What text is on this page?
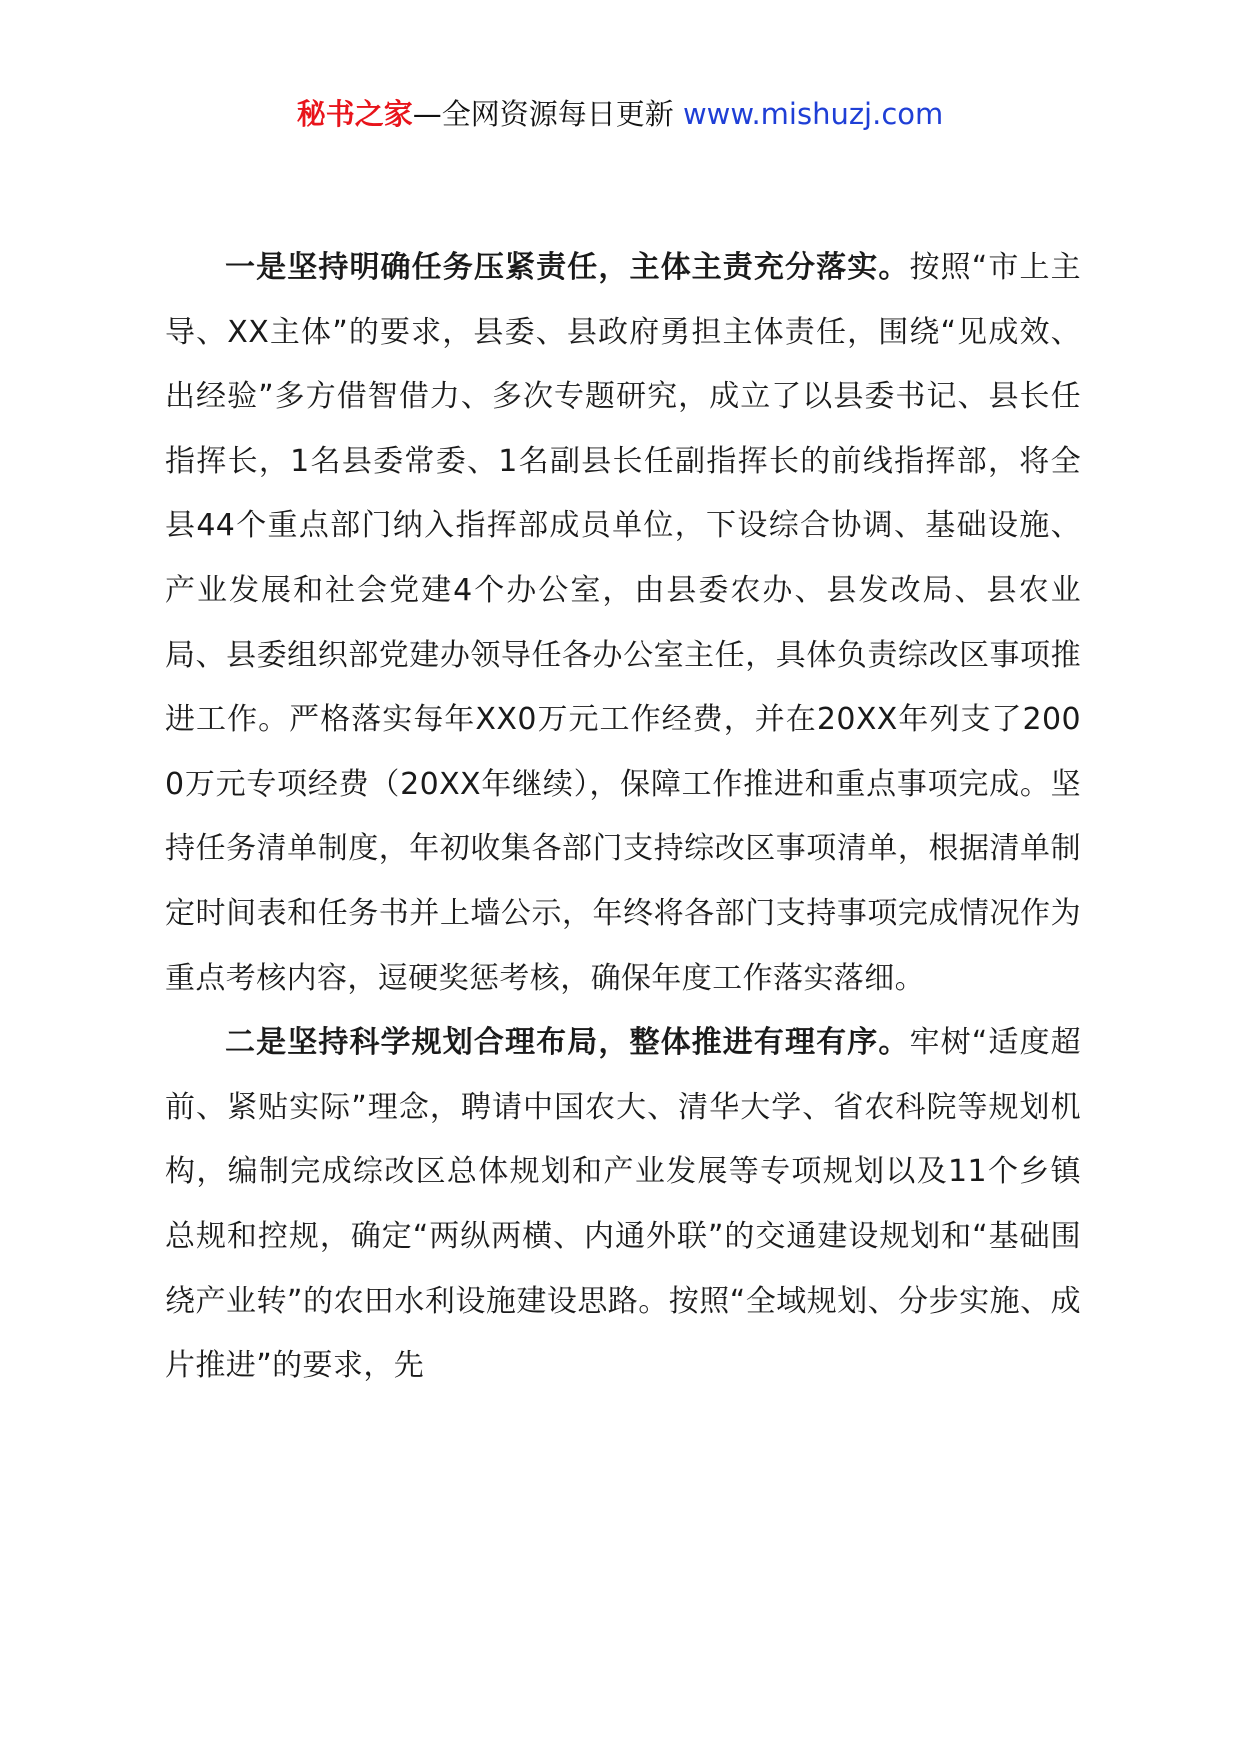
秘书之家—全网资源每日更新 www.mishuzj.com

一是坚持明确任务压紧责任，主体主责充分落实。按照“市上主导、XX主体”的要求，县委、县政府勇担主体责任，围绕“见成效、出经验”多方借智借力、多次专题研究，成立了以县委书记、县长任指挥长，1名县委常委、1名副县长任副指挥长的前线指挥部，将全县44个重点部门纳入指挥部成员单位，下设综合协调、基础设施、产业发展和社会党建4个办公室，由县委农办、县发改局、县农业局、县委组织部党建办领导任各办公室主任，具体负责综改区事项推进工作。严格落实每年XX0万元工作经费，并在20XX年列支了2000万元专项经费（20XX年继续），保障工作推进和重点事项完成。坚持任务清单制度，年初收集各部门支持综改区事项清单，根据清单制定时间表和任务书并上墙公示，年终将各部门支持事项完成情况作为重点考核内容，逗硬奖惩考核，确保年度工作落实落细。

二是坚持科学规划合理布局，整体推进有理有序。牢树“适度超前、紧贴实际”理念，聘请中国农大、清华大学、省农科院等规划机构，编制完成综改区总体规划和产业发展等专项规划以及11个乡镇总规和控规，确定“两纵两横、内通外联”的交通建设规划和“基础围绕产业转”的农田水利设施建设思路。按照“全域规划、分步实施、成片推进”的要求，先
